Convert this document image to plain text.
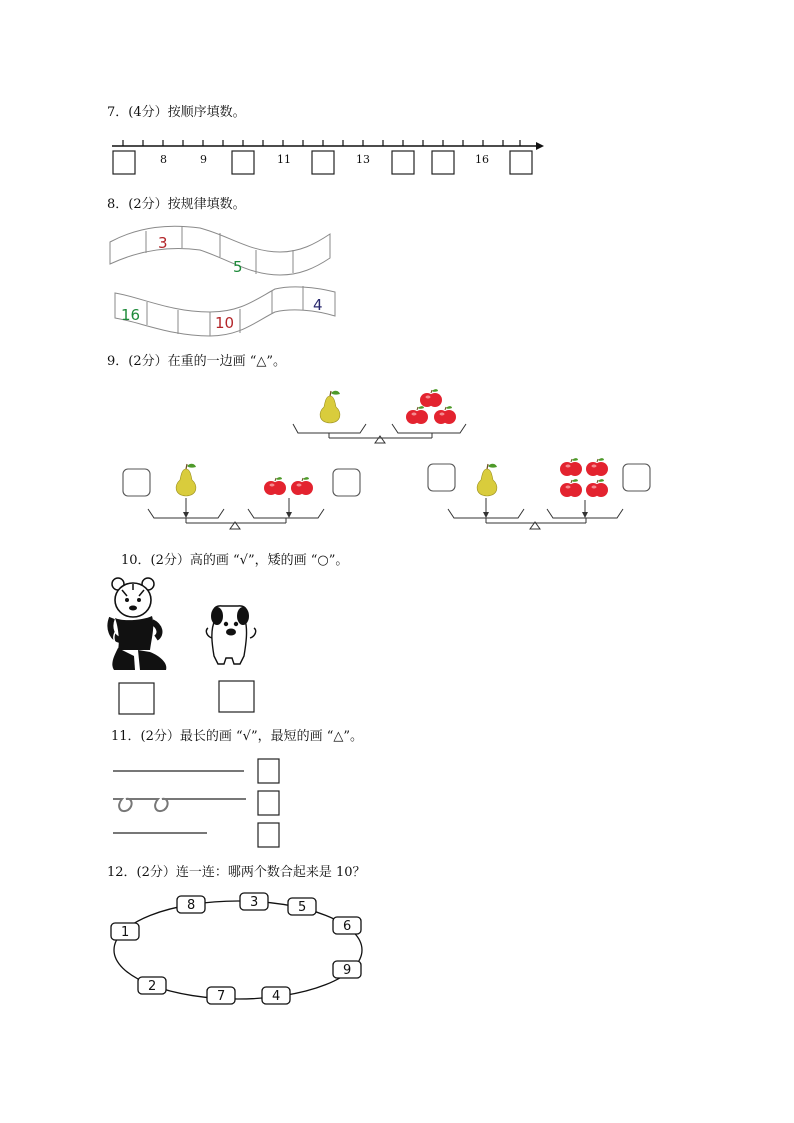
7．(4分）按顺序填数。
8	9	11	13	16
8．(2分）按规律填数。
3
5
16	10
4
9．(2分）在重的一边画 “△”。
10．(2分）高的画 “√”，矮的画 “○”。
11．(2分）最长的画 “√”，最短的画 “△”。
12．(2分）连一连：哪两个数合起来是 10？
8	3	5
6
1
9
2
7	4
